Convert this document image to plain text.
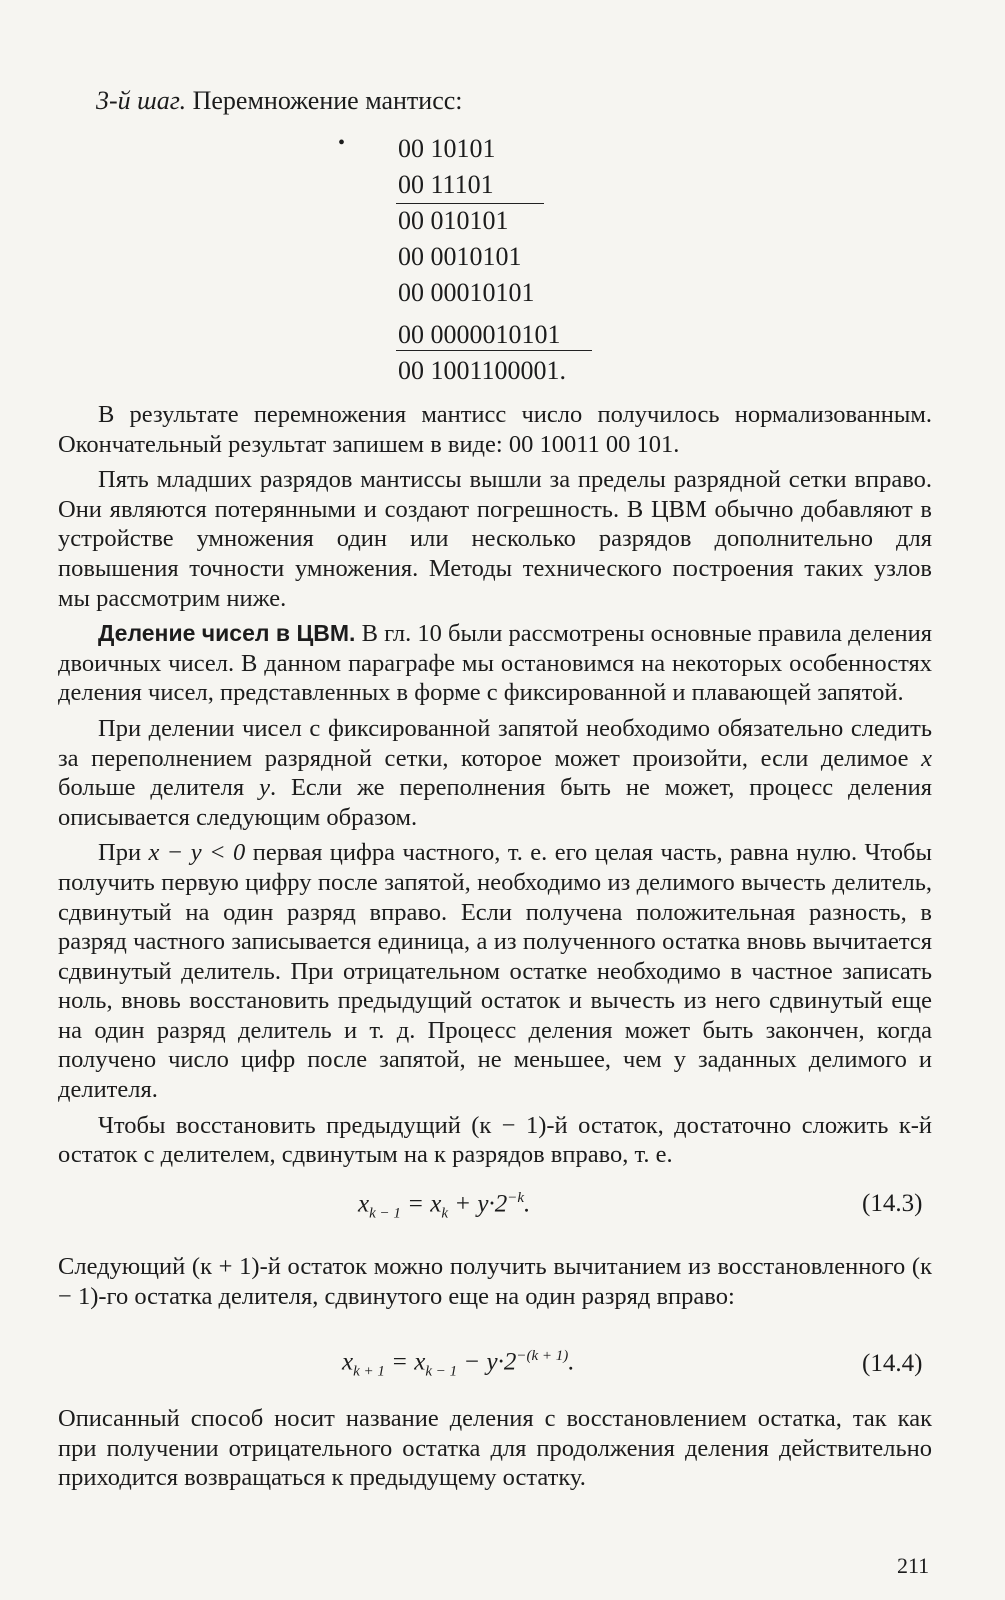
3-й шаг. Перемножение мантисс:
• 00 10101
00 11101
00 010101
00 0010101
00 00010101
00 0000010101
00 1001100001.

В результате перемножения мантисс число получилось нормализованным. Окончательный результат запишем в виде: 00 10011 00 101.

Пять младших разрядов мантиссы вышли за пределы разрядной сетки вправо. Они являются потерянными и создают погрешность. В ЦВМ обычно добавляют в устройстве умножения один или несколько разрядов дополнительно для повышения точности умножения. Методы технического построения таких узлов мы рассмотрим ниже.

Деление чисел в ЦВМ. В гл. 10 были рассмотрены основные правила деления двоичных чисел. В данном параграфе мы остановимся на некоторых особенностях деления чисел, представленных в форме с фиксированной и плавающей запятой.

При делении чисел с фиксированной запятой необходимо обязательно следить за переполнением разрядной сетки, которое может произойти, если делимое x больше делителя y. Если же переполнения быть не может, процесс деления описывается следующим образом.

При x − y < 0 первая цифра частного, т. е. его целая часть, равна нулю. Чтобы получить первую цифру после запятой, необходимо из делимого вычесть делитель, сдвинутый на один разряд вправо. Если получена положительная разность, в разряд частного записывается единица, а из полученного остатка вновь вычитается сдвинутый делитель. При отрицательном остатке необходимо в частное записать ноль, вновь восстановить предыдущий остаток и вычесть из него сдвинутый еще на один разряд делитель и т. д. Процесс деления может быть закончен, когда получено число цифр после запятой, не меньшее, чем у заданных делимого и делителя.

Чтобы восстановить предыдущий (к − 1)-й остаток, достаточно сложить к-й остаток с делителем, сдвинутым на к разрядов вправо, т. е.

$x_{k - 1} = x_k + y\cdot 2^{-k}$.	(14.3)

Следующий (к + 1)-й остаток можно получить вычитанием из восстановленного (к − 1)-го остатка делителя, сдвинутого еще на один разряд вправо:

$x_{k + 1} = x_{k - 1} - y\cdot 2^{-(k + 1)}$.	(14.4)

Описанный способ носит название деления с восстановлением остатка, так как при получении отрицательного остатка для продолжения деления действительно приходится возвращаться к предыдущему остатку.

211
